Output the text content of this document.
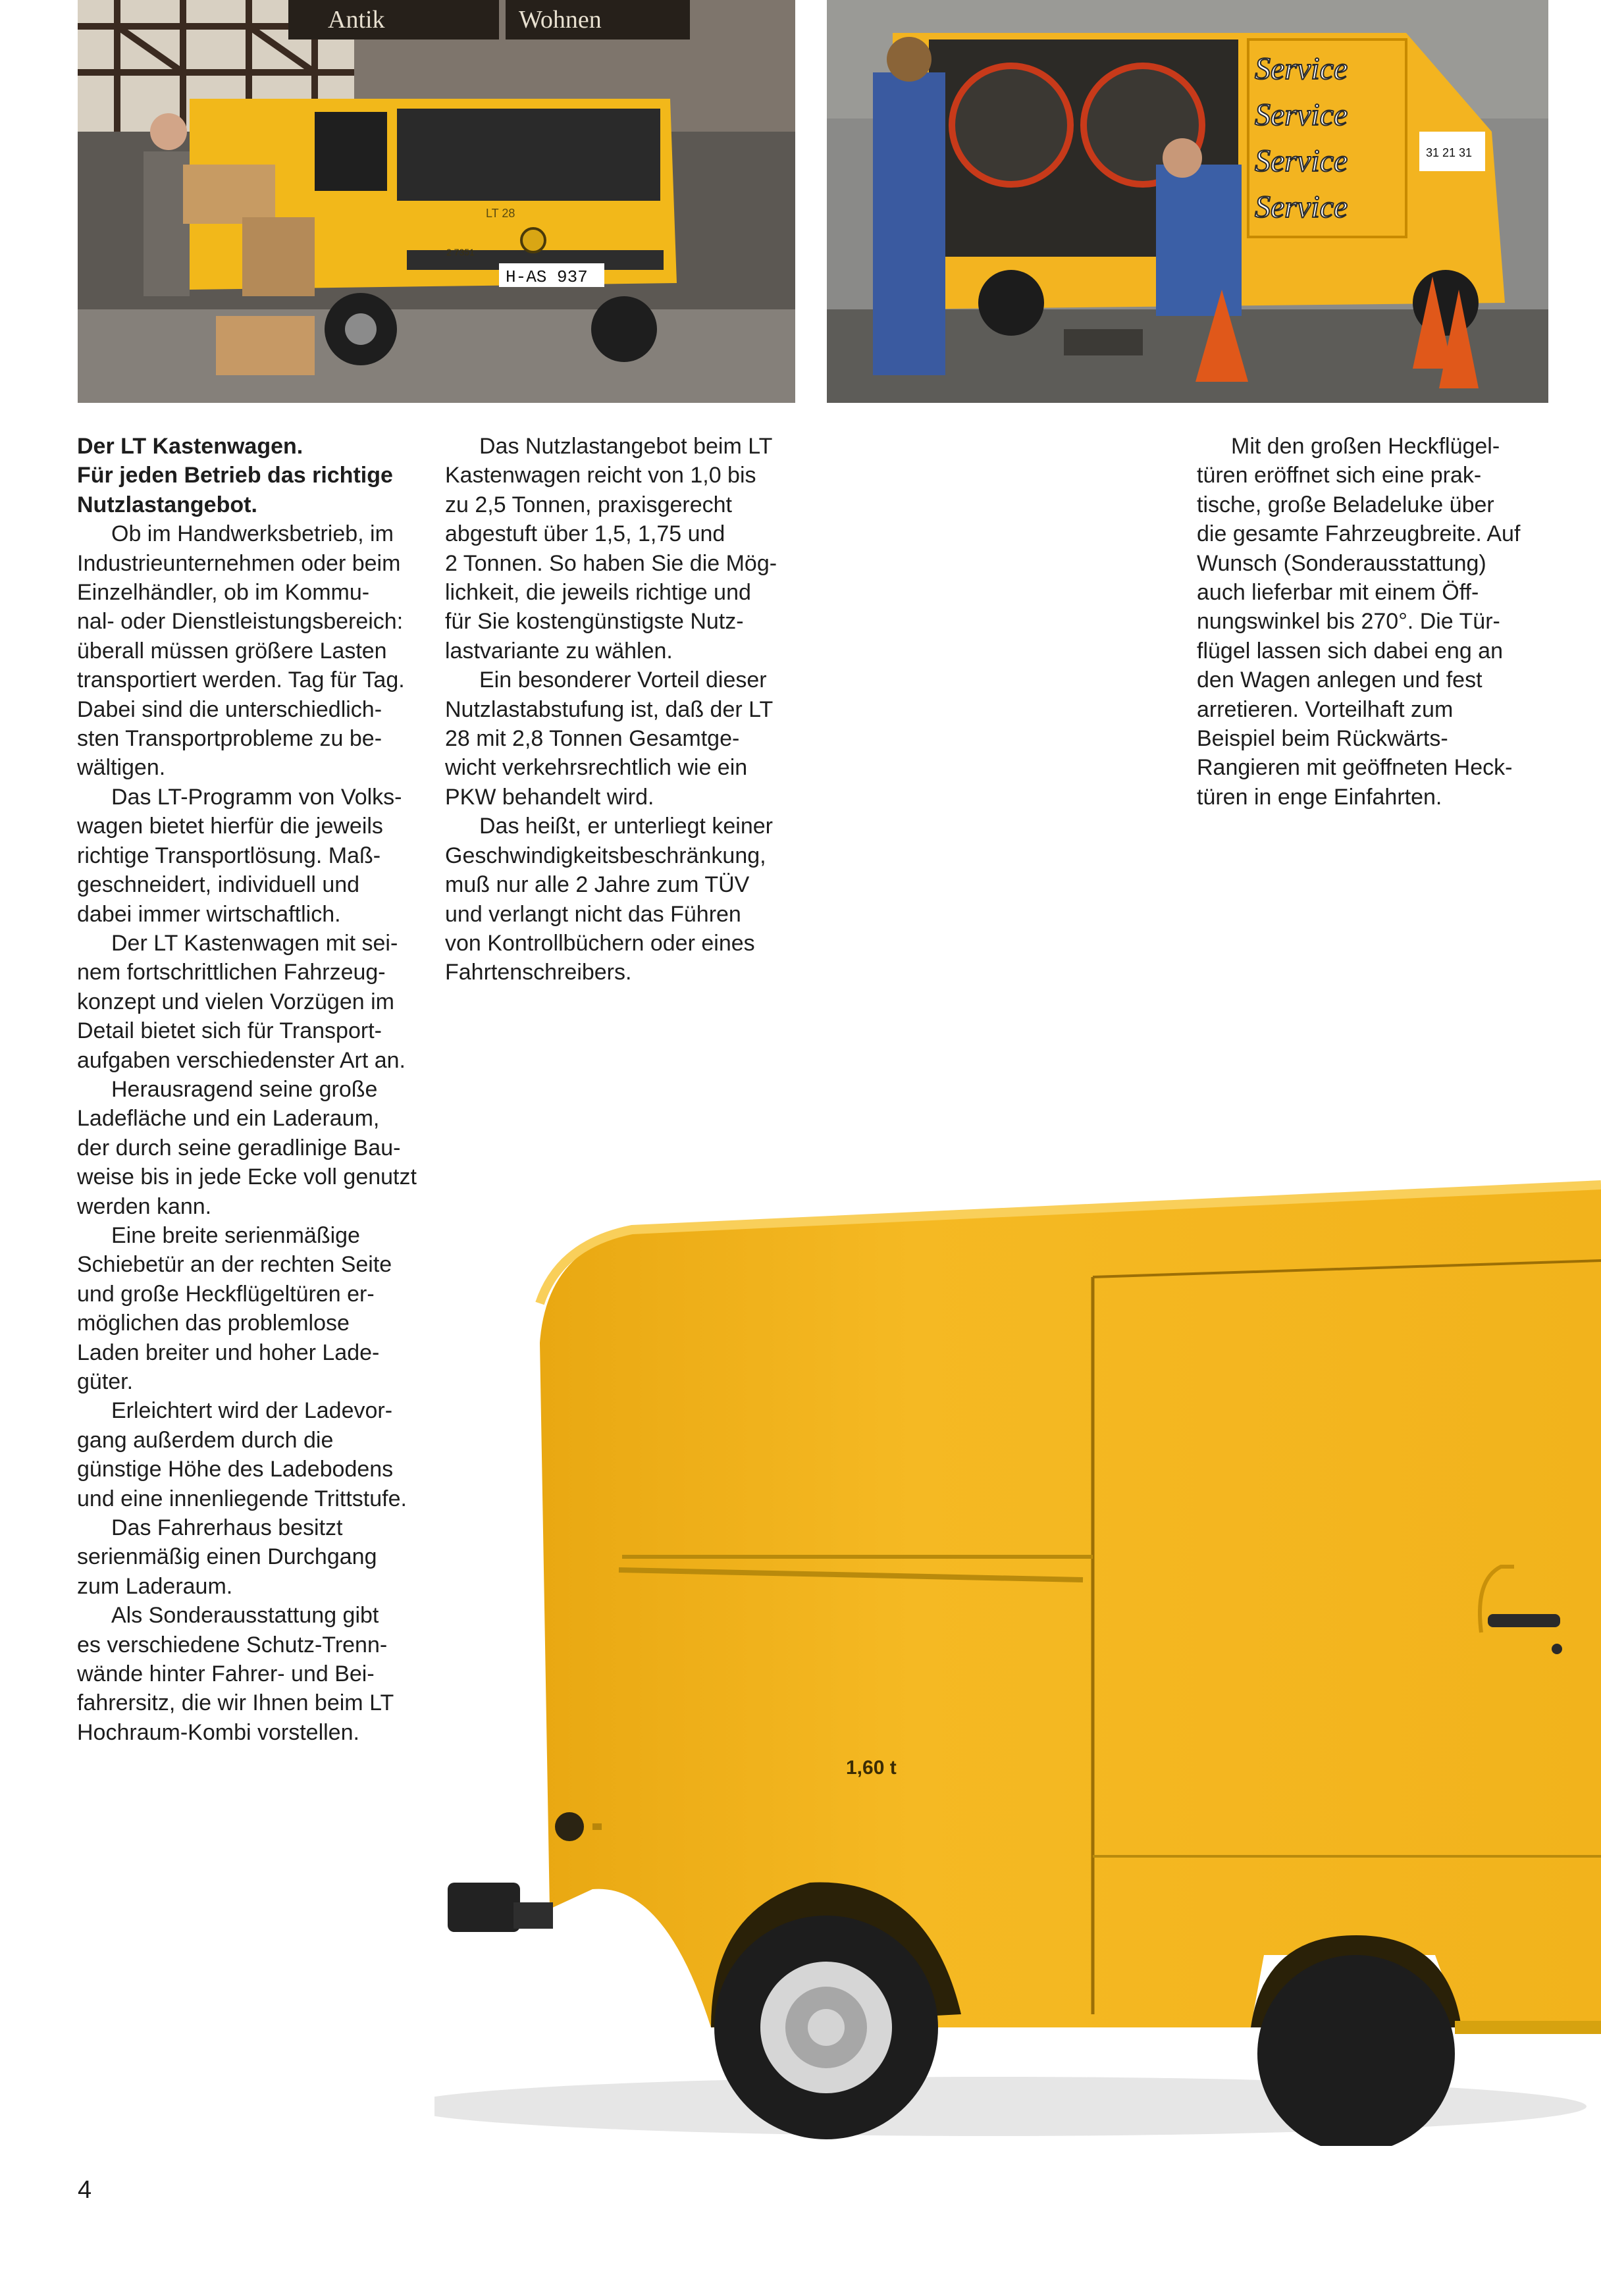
Antik	Wohnen
H-AS 937
LT 28
2 7351
Service
Service
Service
Service
31 21 31
Der LT Kastenwagen.
Für jeden Betrieb das richtige
Nutzlastangebot.

Ob im Handwerksbetrieb, im
Industrieunternehmen oder beim
Einzelhändler, ob im Kommu-
nal- oder Dienstleistungsbereich:
überall müssen größere Lasten
transportiert werden. Tag für Tag.
Dabei sind die unterschiedlich-
sten Transportprobleme zu be-
wältigen.

Das LT-Programm von Volks-
wagen bietet hierfür die jeweils
richtige Transportlösung. Maß-
geschneidert, individuell und
dabei immer wirtschaftlich.

Der LT Kastenwagen mit sei-
nem fortschrittlichen Fahrzeug-
konzept und vielen Vorzügen im
Detail bietet sich für Transport-
aufgaben verschiedenster Art an.

Herausragend seine große
Ladefläche und ein Laderaum,
der durch seine geradlinige Bau-
weise bis in jede Ecke voll genutzt
werden kann.

Eine breite serienmäßige
Schiebetür an der rechten Seite
und große Heckflügeltüren er-
möglichen das problemlose
Laden breiter und hoher Lade-
güter.

Erleichtert wird der Ladevor-
gang außerdem durch die
günstige Höhe des Ladebodens
und eine innenliegende Trittstufe.

Das Fahrerhaus besitzt
serienmäßig einen Durchgang
zum Laderaum.

Als Sonderausstattung gibt
es verschiedene Schutz-Trenn-
wände hinter Fahrer- und Bei-
fahrersitz, die wir Ihnen beim LT
Hochraum-Kombi vorstellen.

Das Nutzlastangebot beim LT
Kastenwagen reicht von 1,0 bis
zu 2,5 Tonnen, praxisgerecht
abgestuft über 1,5, 1,75 und
2 Tonnen. So haben Sie die Mög-
lichkeit, die jeweils richtige und
für Sie kostengünstigste Nutz-
lastvariante zu wählen.

Ein besonderer Vorteil dieser
Nutzlastabstufung ist, daß der LT
28 mit 2,8 Tonnen Gesamtge-
wicht verkehrsrechtlich wie ein
PKW behandelt wird.

Das heißt, er unterliegt keiner
Geschwindigkeitsbeschränkung,
muß nur alle 2 Jahre zum TÜV
und verlangt nicht das Führen
von Kontrollbüchern oder eines
Fahrtenschreibers.

Mit den großen Heckflügel-
türen eröffnet sich eine prak-
tische, große Beladeluke über
die gesamte Fahrzeugbreite. Auf
Wunsch (Sonderausstattung)
auch lieferbar mit einem Öff-
nungswinkel bis 270°. Die Tür-
flügel lassen sich dabei eng an
den Wagen anlegen und fest
arretieren. Vorteilhaft zum
Beispiel beim Rückwärts-
Rangieren mit geöffneten Heck-
türen in enge Einfahrten.

1,60 t
4
